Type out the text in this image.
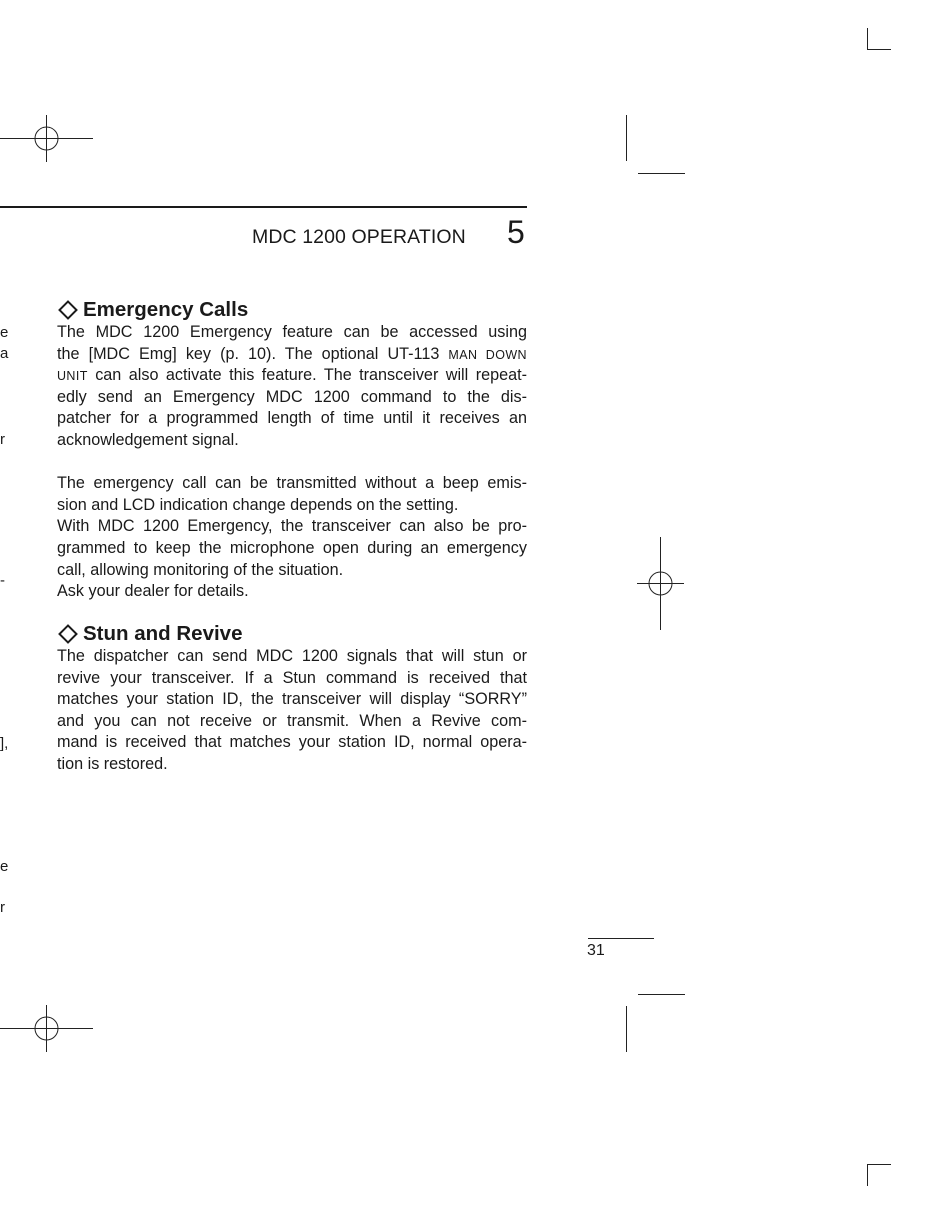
MDC 1200 OPERATION 5
e
a
r
-
],
e
r
Emergency Calls
The MDC 1200 Emergency feature can be accessed using
the [MDC Emg] key (p. 10). The optional UT-113 MAN DOWN
UNIT can also activate this feature. The transceiver will repeat-
edly send an Emergency MDC 1200 command to the dis-
patcher for a programmed length of time until it receives an
acknowledgement signal.
The emergency call can be transmitted without a beep emis-
sion and LCD indication change depends on the setting.
With MDC 1200 Emergency, the transceiver can also be pro-
grammed to keep the microphone open during an emergency
call, allowing monitoring of the situation.
Ask your dealer for details.
Stun and Revive
The dispatcher can send MDC 1200 signals that will stun or
revive your transceiver. If a Stun command is received that
matches your station ID, the transceiver will display “SORRY”
and you can not receive or transmit. When a Revive com-
mand is received that matches your station ID, normal opera-
tion is restored.
31
